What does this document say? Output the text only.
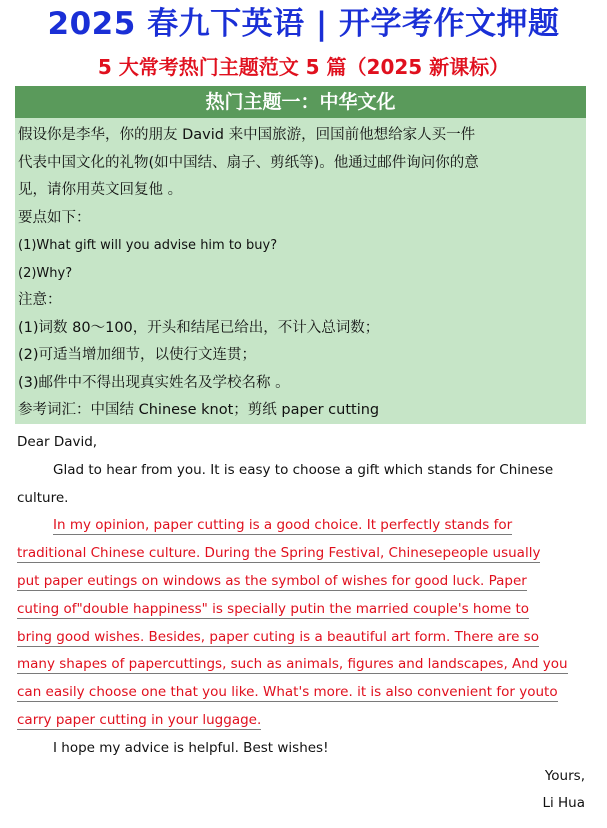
2025 春九下英语 | 开学考作文押题
5 大常考热门主题范文 5 篇（2025 新课标）
热门主题一：中华文化
假设你是李华，你的朋友 David 来中国旅游，回国前他想给家人买一件
代表中国文化的礼物(如中国结、扇子、剪纸等)。他通过邮件询问你的意
见，请你用英文回复他 。
要点如下：
(1)What gift will you advise him to buy?
(2)Why?
注意：
(1)词数 80～100，开头和结尾已给出，不计入总词数；
(2)可适当增加细节，以使行文连贯；
(3)邮件中不得出现真实姓名及学校名称 。
参考词汇：中国结 Chinese knot；剪纸 paper cutting
Dear David,
Glad to hear from you. It is easy to choose a gift which stands for Chinese
culture.
In my opinion, paper cutting is a good choice. It perfectly stands for
traditional Chinese culture. During the Spring Festival, Chinesepeople usually
put paper eutings on windows as the symbol of wishes for good luck. Paper
cuting of"double happiness" is specially putin the married couple's home to
bring good wishes. Besides, paper cuting is a beautiful art form. There are so
many shapes of papercuttings, such as animals, figures and landscapes, And you
can easily choose one that you like. What's more. it is also convenient for youto
carry paper cutting in your luggage.
I hope my advice is helpful. Best wishes!
Yours,
Li Hua
